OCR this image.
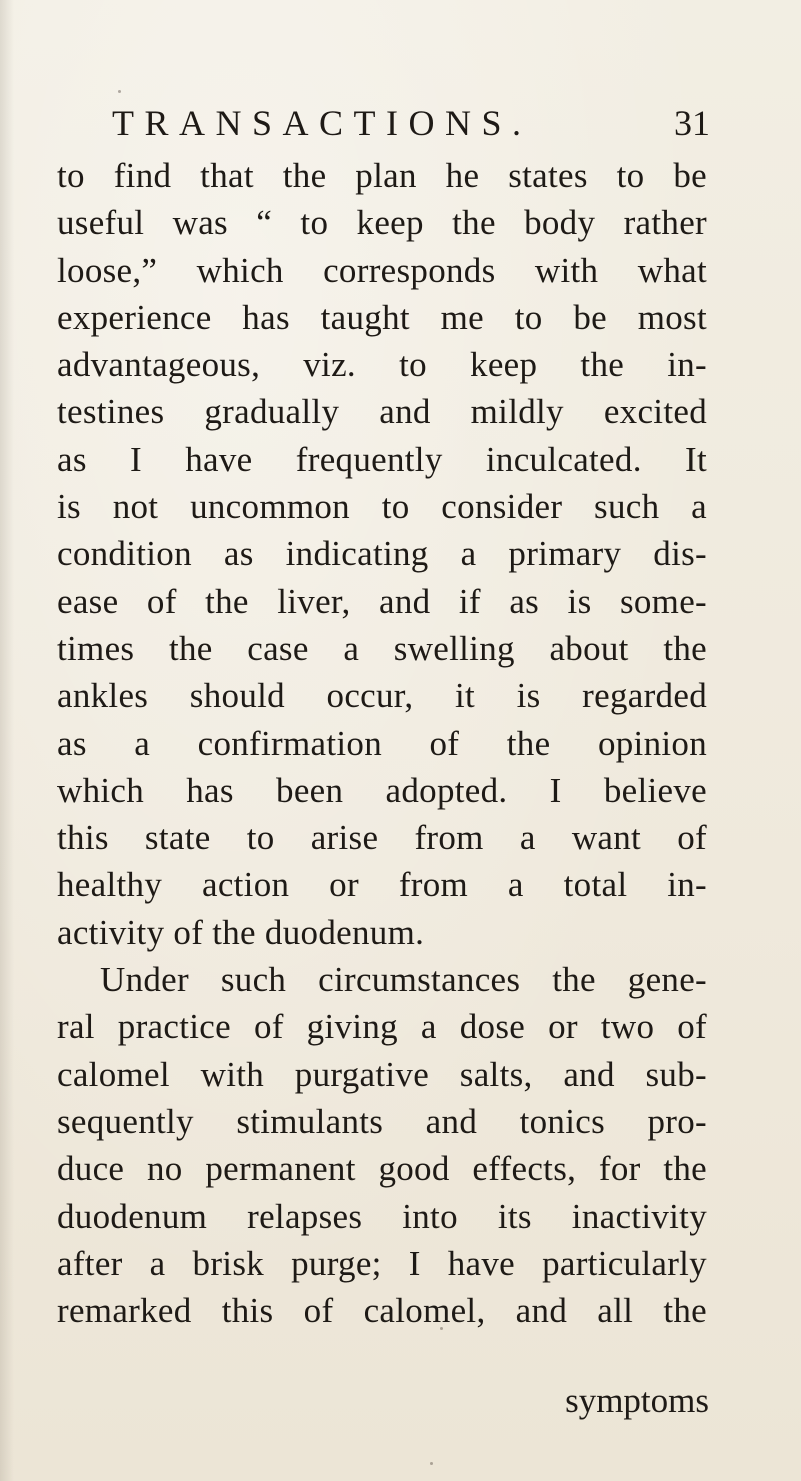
TRANSACTIONS.	31
to find that the plan he states to be
useful was “ to keep the body rather
loose,” which corresponds with what
experience has taught me to be most
advantageous, viz. to keep the in-
testines gradually and mildly excited
as I have frequently inculcated. It
is not uncommon to consider such a
condition as indicating a primary dis-
ease of the liver, and if as is some-
times the case a swelling about the
ankles should occur, it is regarded
as a confirmation of the opinion
which has been adopted. I believe
this state to arise from a want of
healthy action or from a total in-
activity of the duodenum.
Under such circumstances the gene-
ral practice of giving a dose or two of
calomel with purgative salts, and sub-
sequently stimulants and tonics pro-
duce no permanent good effects, for the
duodenum relapses into its inactivity
after a brisk purge; I have particularly
remarked this of calomel, and all the
symptoms
